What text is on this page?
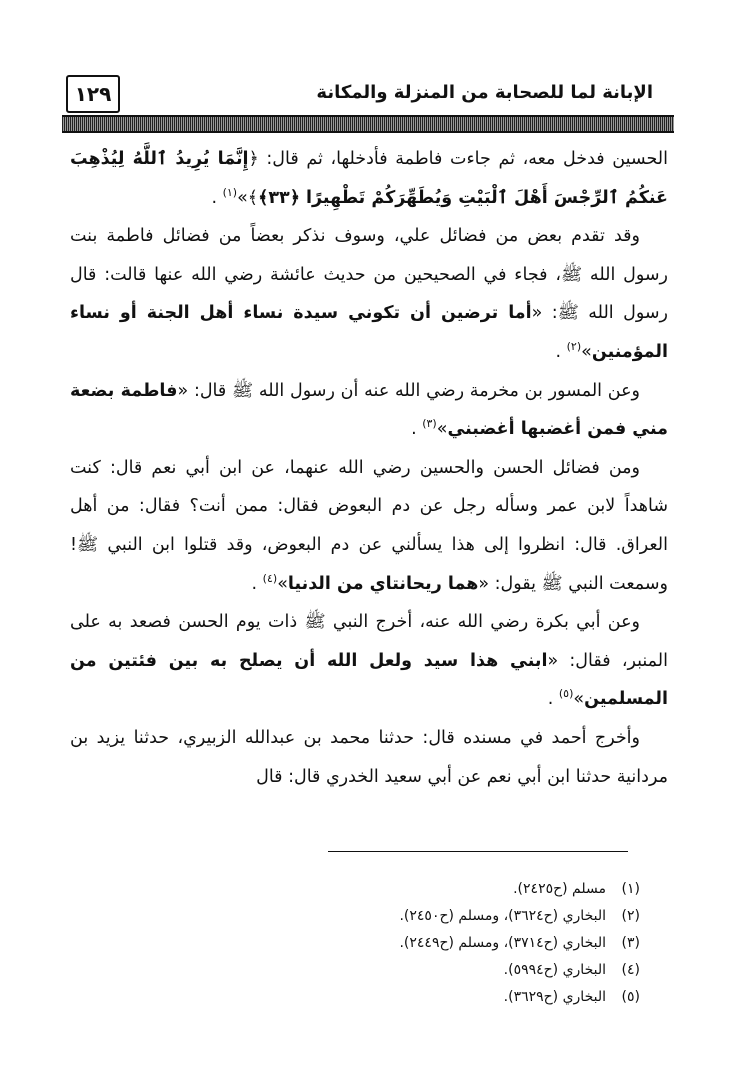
١٢٩	الإبانة لما للصحابة من المنزلة والمكانة

الحسين فدخل معه، ثم جاءت فاطمة فأدخلها، ثم قال: ﴿إِنَّمَا يُرِيدُ ٱللَّهُ لِيُذْهِبَ عَنكُمُ ٱلرِّجْسَ أَهْلَ ٱلْبَيْتِ وَيُطَهِّرَكُمْ تَطْهِيرًا ﴿٣٣﴾﴾»$^{(١)}$ .

وقد تقدم بعض من فضائل علي، وسوف نذكر بعضاً من فضائل فاطمة بنت رسول الله ﷺ، فجاء في الصحيحين من حديث عائشة رضي الله عنها قالت: قال رسول الله ﷺ: «أما ترضين أن تكوني سيدة نساء أهل الجنة أو نساء المؤمنين»$^{(٢)}$ .

وعن المسور بن مخرمة رضي الله عنه أن رسول الله ﷺ قال: «فاطمة بضعة مني فمن أغضبها أغضبني»$^{(٣)}$ .

ومن فضائل الحسن والحسين رضي الله عنهما، عن ابن أبي نعم قال: كنت شاهداً لابن عمر وسأله رجل عن دم البعوض فقال: ممن أنت؟ فقال: من أهل العراق. قال: انظروا إلى هذا يسألني عن دم البعوض، وقد قتلوا ابن النبي ﷺ! وسمعت النبي ﷺ يقول: «هما ريحانتاي من الدنيا»$^{(٤)}$ .

وعن أبي بكرة رضي الله عنه، أخرج النبي ﷺ ذات يوم الحسن فصعد به على المنبر، فقال: «ابني هذا سيد ولعل الله أن يصلح به بين فئتين من المسلمين»$^{(٥)}$ .

وأخرج أحمد في مسنده قال: حدثنا محمد بن عبدالله الزبيري، حدثنا يزيد بن مردانية حدثنا ابن أبي نعم عن أبي سعيد الخدري قال: قال

(١)مسلم (ح٢٤٢٥).
(٢)البخاري (ح٣٦٢٤)، ومسلم (ح٢٤٥٠).
(٣)البخاري (ح٣٧١٤)، ومسلم (ح٢٤٤٩).
(٤)البخاري (ح٥٩٩٤).
(٥)البخاري (ح٣٦٢٩).
